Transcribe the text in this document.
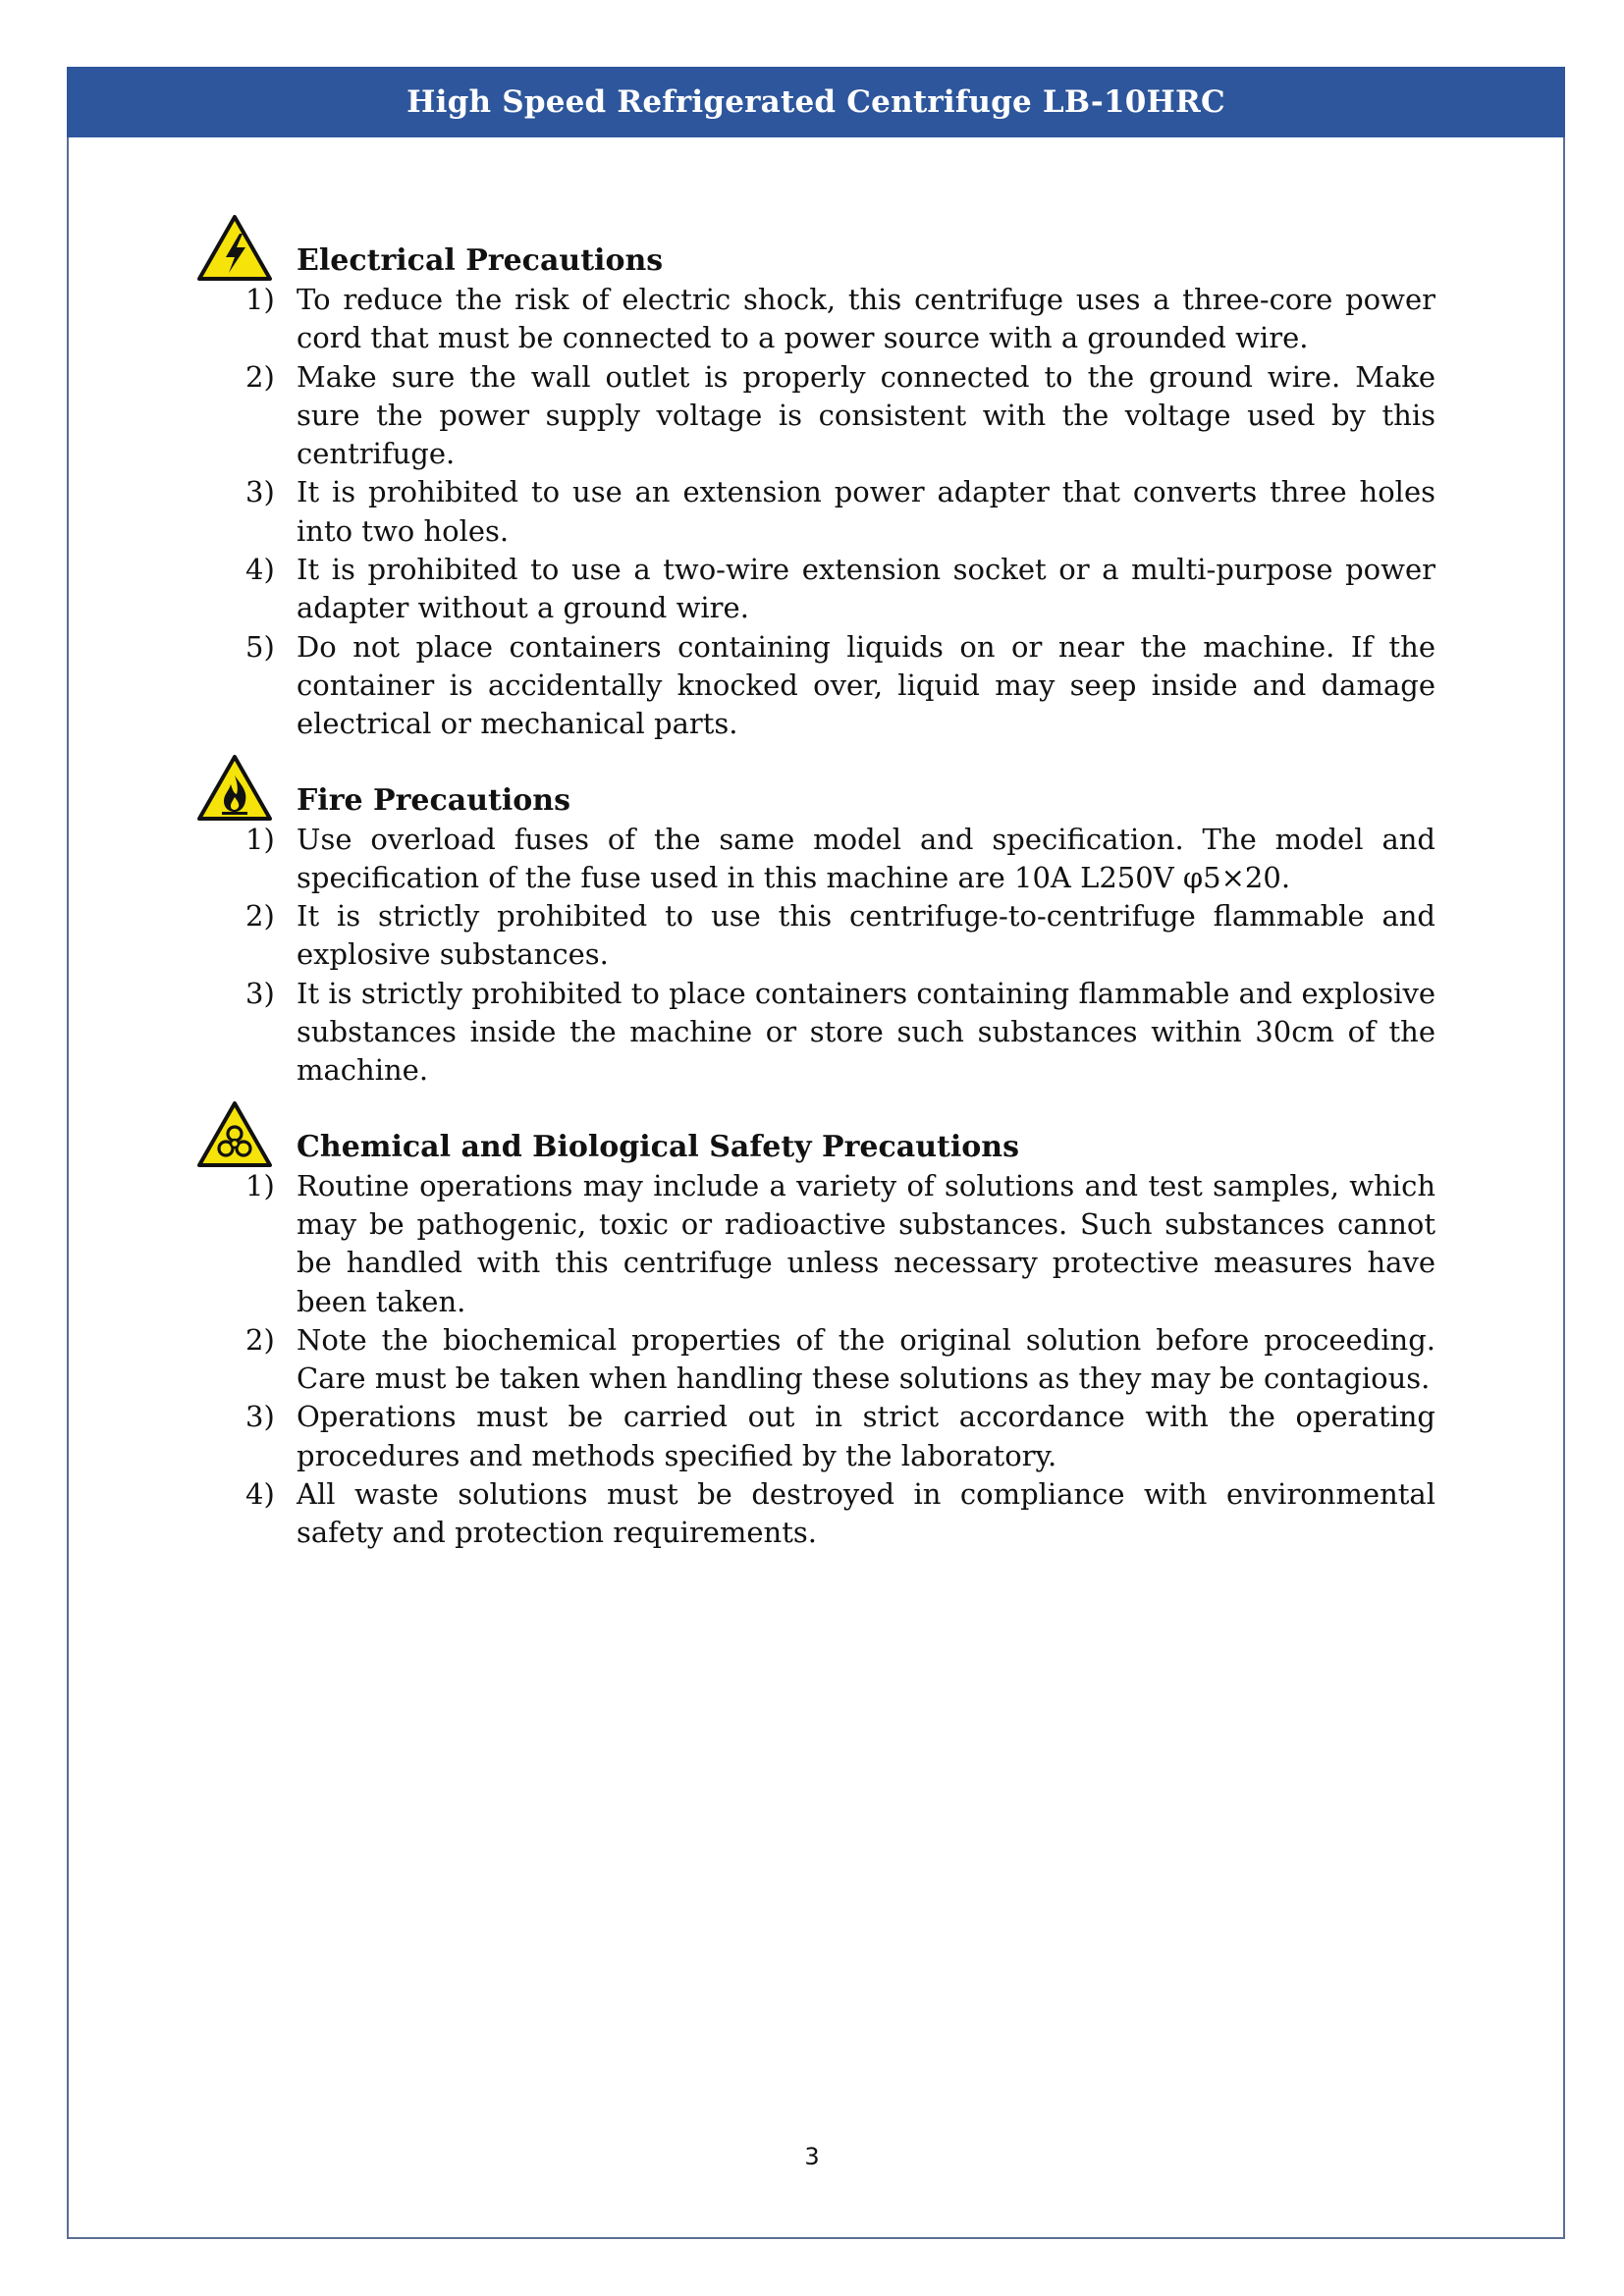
High Speed Refrigerated Centrifuge LB-10HRC
Electrical Precautions
1) To reduce the risk of electric shock, this centrifuge uses a three-core power cord that must be connected to a power source with a grounded wire.
2) Make sure the wall outlet is properly connected to the ground wire. Make sure the power supply voltage is consistent with the voltage used by this centrifuge.
3) It is prohibited to use an extension power adapter that converts three holes into two holes.
4) It is prohibited to use a two-wire extension socket or a multi-purpose power adapter without a ground wire.
5) Do not place containers containing liquids on or near the machine. If the container is accidentally knocked over, liquid may seep inside and damage electrical or mechanical parts.
Fire Precautions
1) Use overload fuses of the same model and specification. The model and specification of the fuse used in this machine are 10A L250V φ5×20.
2) It is strictly prohibited to use this centrifuge-to-centrifuge flammable and explosive substances.
3) It is strictly prohibited to place containers containing flammable and explosive substances inside the machine or store such substances within 30cm of the machine.
Chemical and Biological Safety Precautions
1) Routine operations may include a variety of solutions and test samples, which may be pathogenic, toxic or radioactive substances. Such substances cannot be handled with this centrifuge unless necessary protective measures have been taken.
2) Note the biochemical properties of the original solution before proceeding. Care must be taken when handling these solutions as they may be contagious.
3) Operations must be carried out in strict accordance with the operating procedures and methods specified by the laboratory.
4) All waste solutions must be destroyed in compliance with environmental safety and protection requirements.
3
